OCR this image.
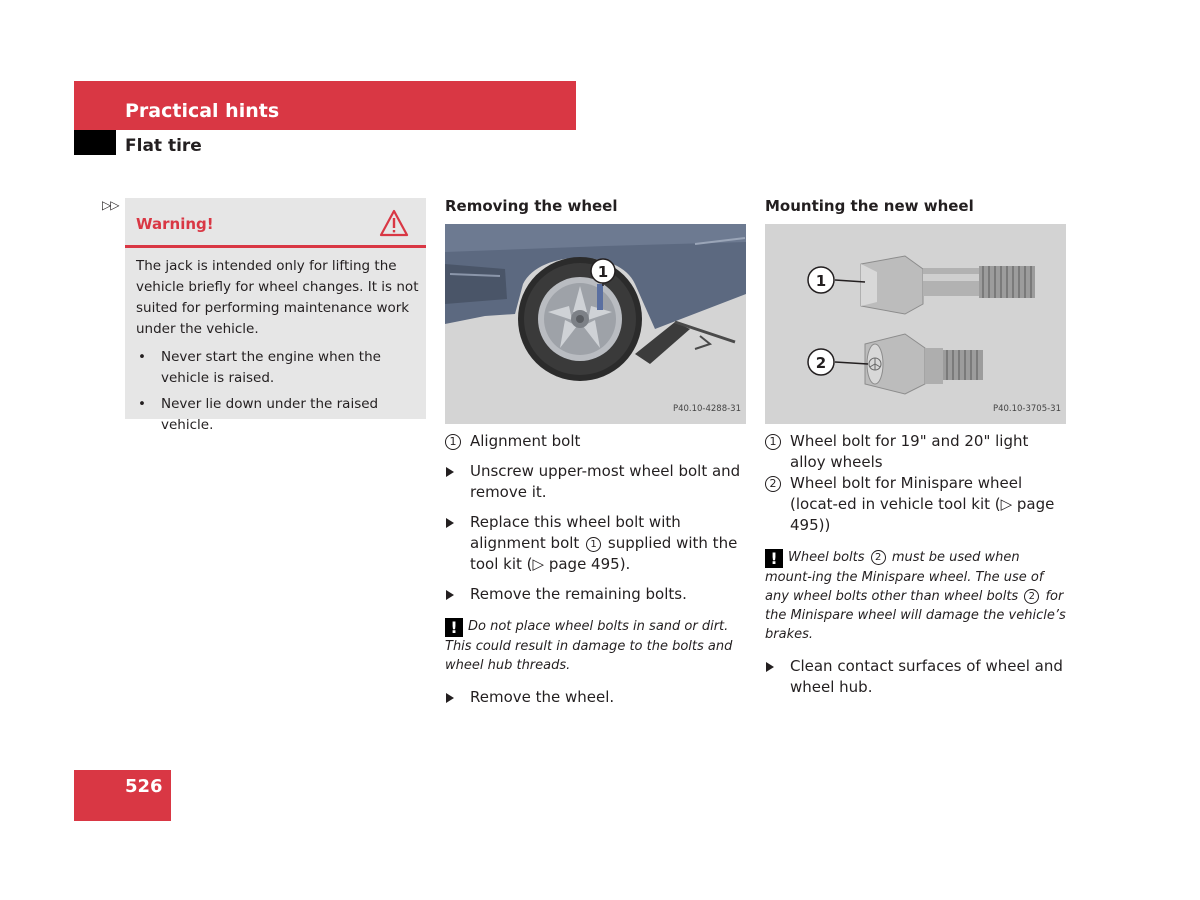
Practical hints
Flat tire
▷▷
Warning!

The jack is intended only for lifting the vehicle briefly for wheel changes. It is not suited for performing maintenance work under the vehicle.

• Never start the engine when the vehicle is raised.
• Never lie down under the raised vehicle.
Removing the wheel
1
P40.10-4288-31
1 Alignment bolt
Unscrew upper-most wheel bolt and remove it.
Replace this wheel bolt with alignment bolt 1 supplied with the tool kit (▷ page 495).
Remove the remaining bolts.

! Do not place wheel bolts in sand or dirt. This could result in damage to the bolts and wheel hub threads.

Remove the wheel.
Mounting the new wheel
1
2
P40.10-3705-31
1 Wheel bolt for 19" and 20" light alloy wheels
2 Wheel bolt for Minispare wheel (locat-ed in vehicle tool kit (▷ page 495))

! Wheel bolts 2 must be used when mount-ing the Minispare wheel. The use of any wheel bolts other than wheel bolts 2 for the Minispare wheel will damage the vehicle’s brakes.

Clean contact surfaces of wheel and wheel hub.
526
